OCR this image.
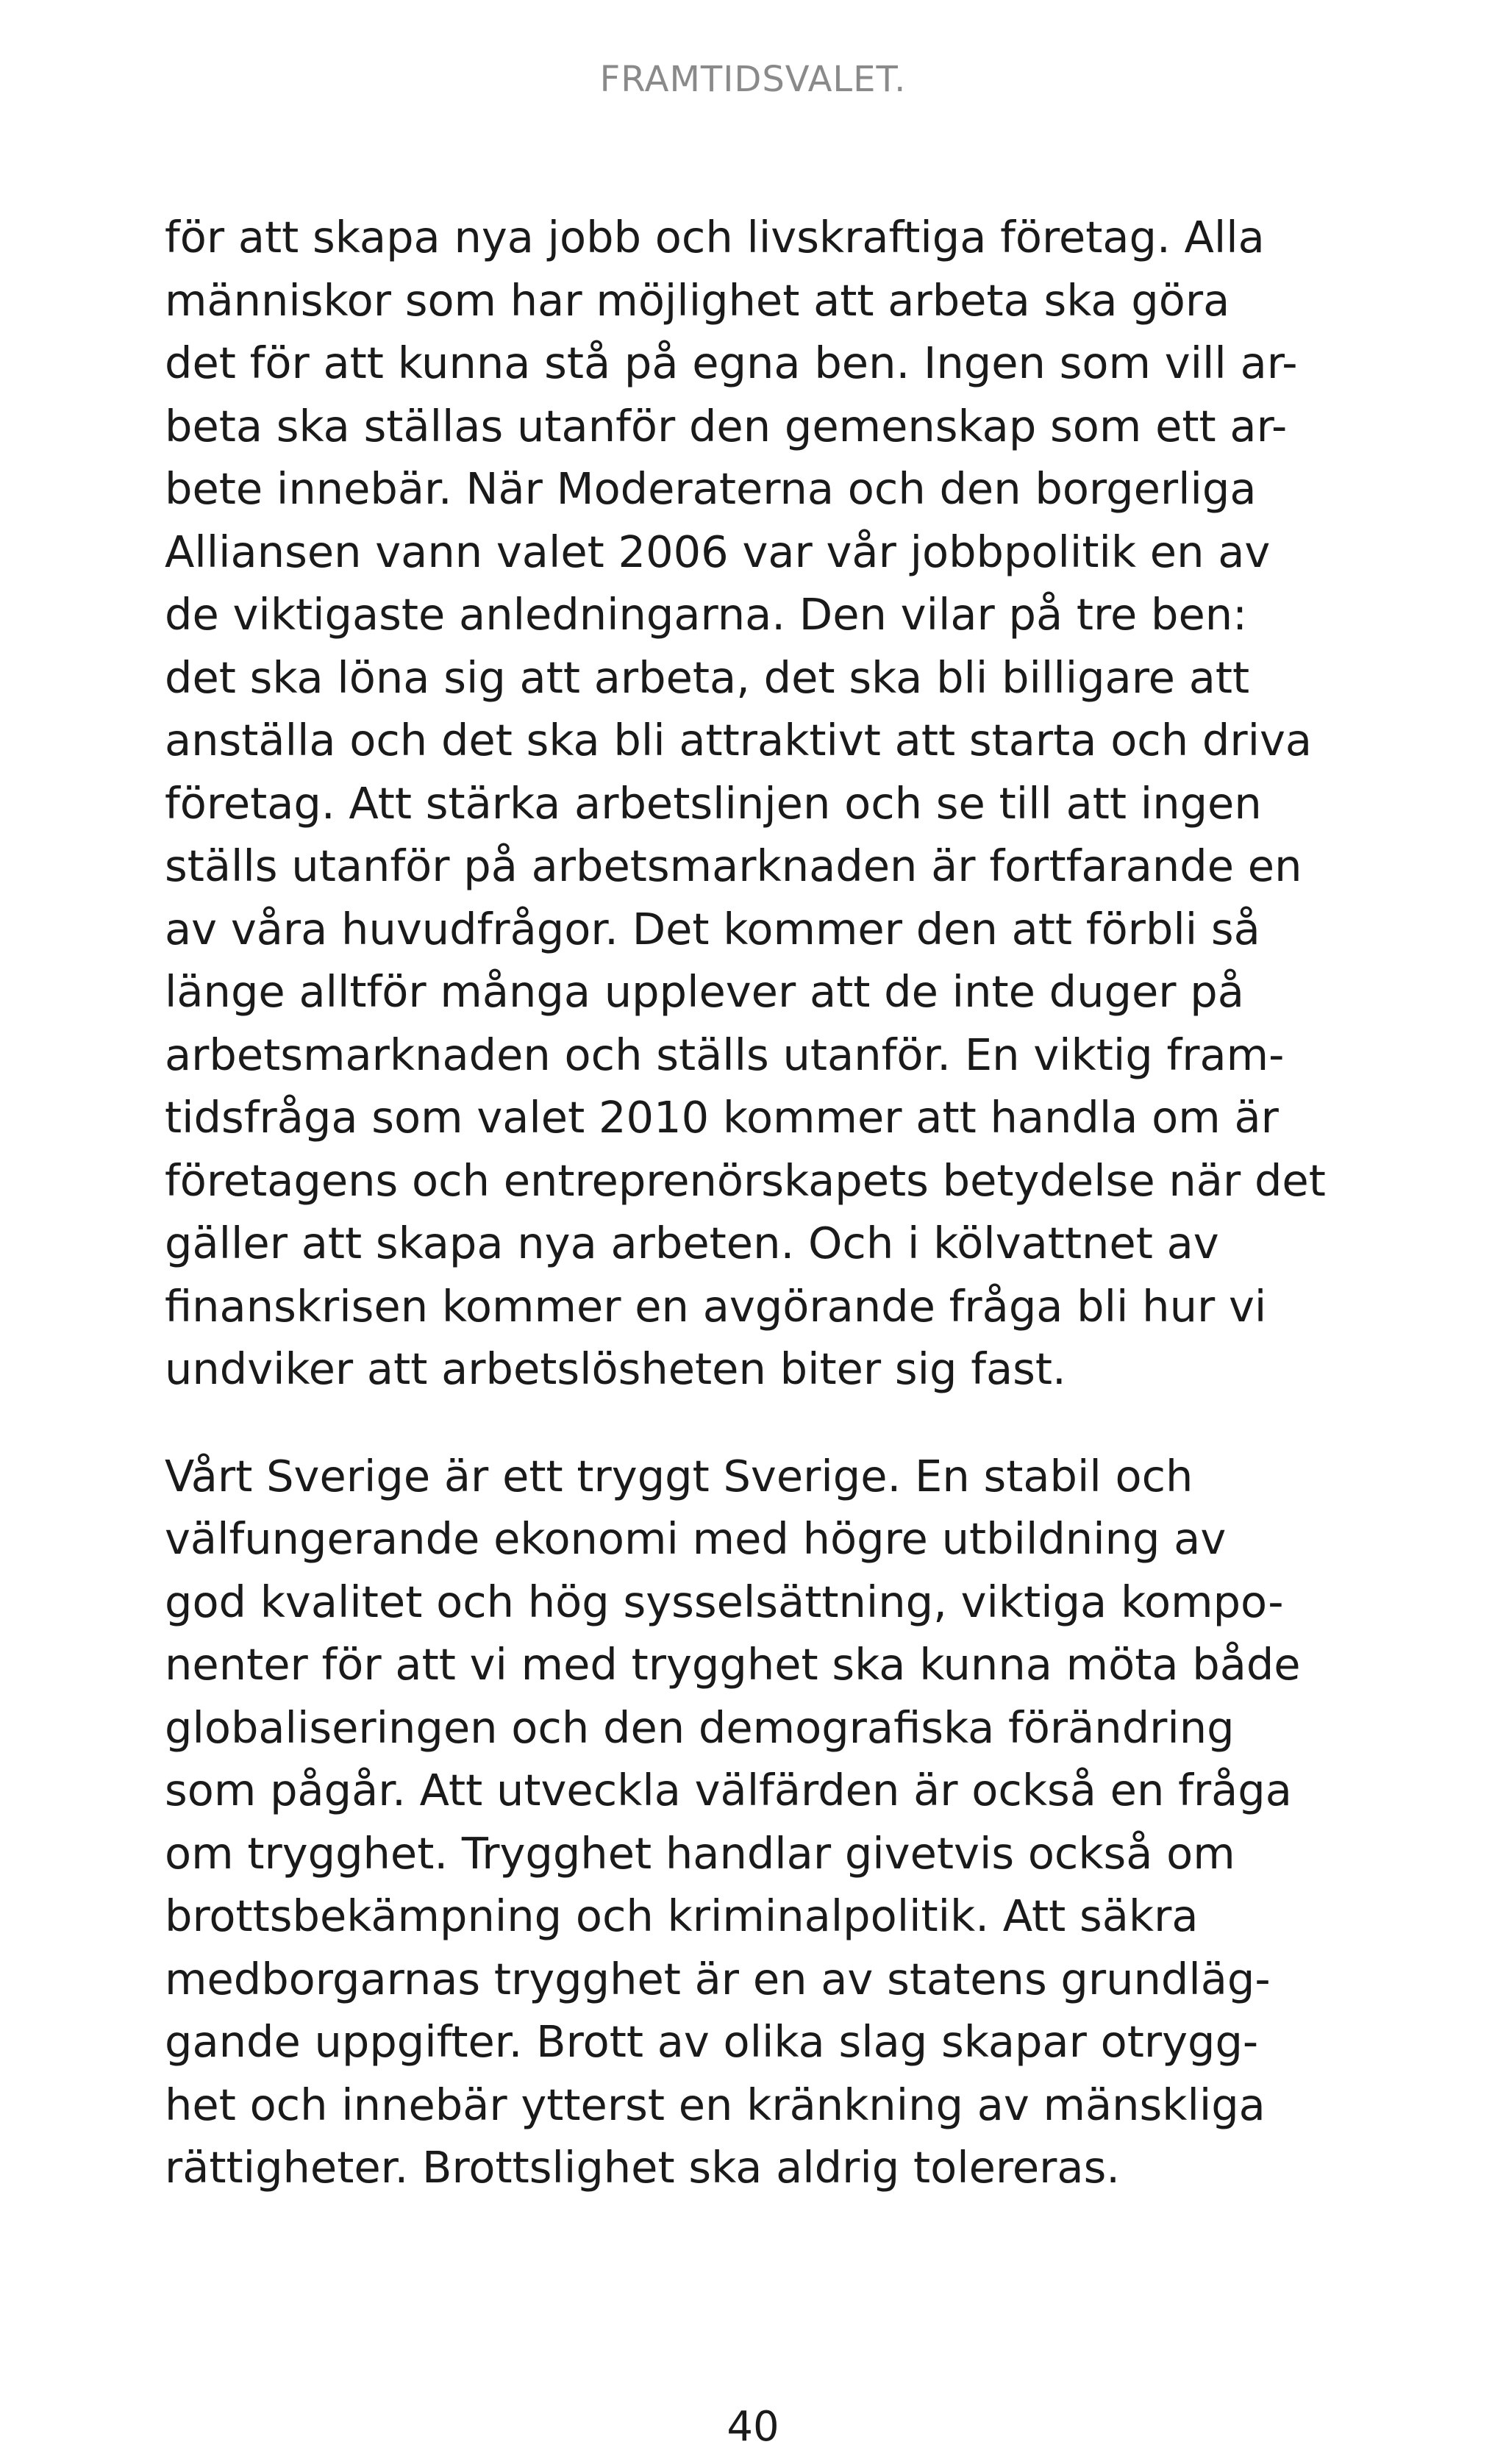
FRAMTIDSVALET.
för att skapa nya jobb och livskraftiga företag. Alla
människor som har möjlighet att arbeta ska göra
det för att kunna stå på egna ben. Ingen som vill ar-
beta ska ställas utanför den gemenskap som ett ar-
bete innebär. När Moderaterna och den borgerliga
Alliansen vann valet 2006 var vår jobbpolitik en av
de viktigaste anledningarna. Den vilar på tre ben:
det ska löna sig att arbeta, det ska bli billigare att
anställa och det ska bli attraktivt att starta och driva
företag. Att stärka arbetslinjen och se till att ingen
ställs utanför på arbetsmarknaden är fortfarande en
av våra huvudfrågor. Det kommer den att förbli så
länge alltför många upplever att de inte duger på
arbetsmarknaden och ställs utanför. En viktig fram-
tidsfråga som valet 2010 kommer att handla om är
företagens och entreprenörskapets betydelse när det
gäller att skapa nya arbeten. Och i kölvattnet av
finanskrisen kommer en avgörande fråga bli hur vi
undviker att arbetslösheten biter sig fast.
Vårt Sverige är ett tryggt Sverige. En stabil och
välfungerande ekonomi med högre utbildning av
god kvalitet och hög sysselsättning, viktiga kompo-
nenter för att vi med trygghet ska kunna möta både
globaliseringen och den demografiska förändring
som pågår. Att utveckla välfärden är också en fråga
om trygghet. Trygghet handlar givetvis också om
brottsbekämpning och kriminalpolitik. Att säkra
medborgarnas trygghet är en av statens grundläg-
gande uppgifter. Brott av olika slag skapar otrygg-
het och innebär ytterst en kränkning av mänskliga
rättigheter. Brottslighet ska aldrig tolereras.
40
